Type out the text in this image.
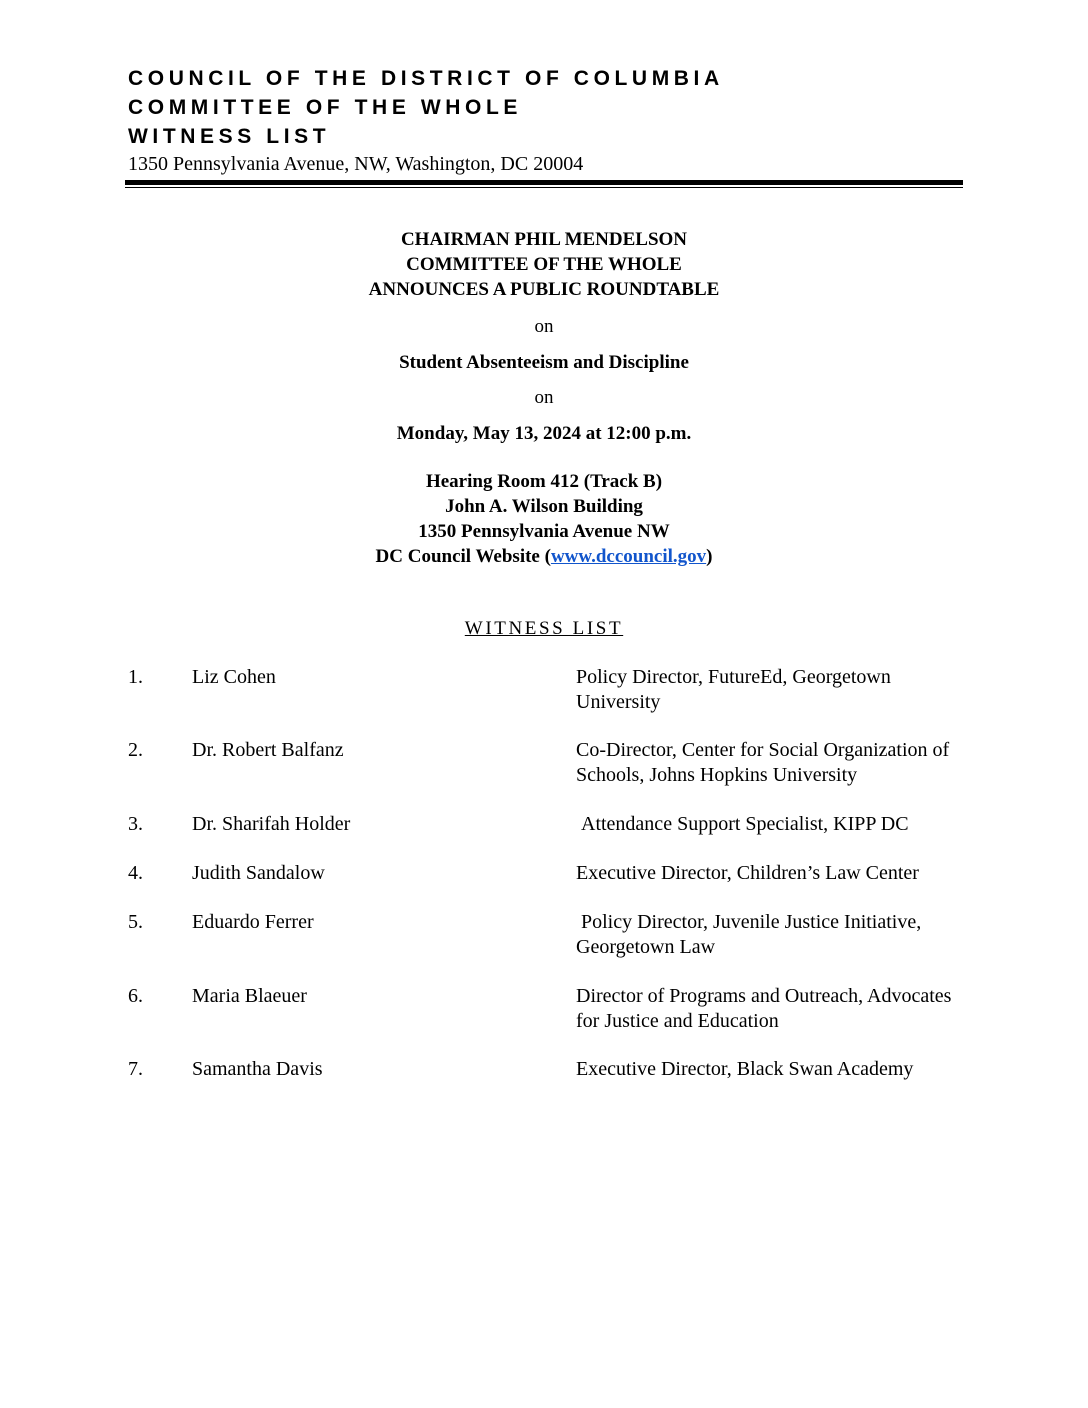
COUNCIL OF THE DISTRICT OF COLUMBIA
COMMITTEE OF THE WHOLE
WITNESS LIST
1350 Pennsylvania Avenue, NW, Washington, DC 20004
CHAIRMAN PHIL MENDELSON
COMMITTEE OF THE WHOLE
ANNOUNCES A PUBLIC ROUNDTABLE
on
Student Absenteeism and Discipline
on
Monday, May 13, 2024 at 12:00 p.m.
Hearing Room 412 (Track B)
John A. Wilson Building
1350 Pennsylvania Avenue NW
DC Council Website (www.dccouncil.gov)
WITNESS LIST
1. Liz Cohen	Policy Director, FutureEd, Georgetown University
2. Dr. Robert Balfanz	Co-Director, Center for Social Organization of Schools, Johns Hopkins University
3. Dr. Sharifah Holder	Attendance Support Specialist, KIPP DC
4. Judith Sandalow	Executive Director, Children’s Law Center
5. Eduardo Ferrer	Policy Director, Juvenile Justice Initiative, Georgetown Law
6. Maria Blaeuer	Director of Programs and Outreach, Advocates for Justice and Education
7. Samantha Davis	Executive Director, Black Swan Academy
